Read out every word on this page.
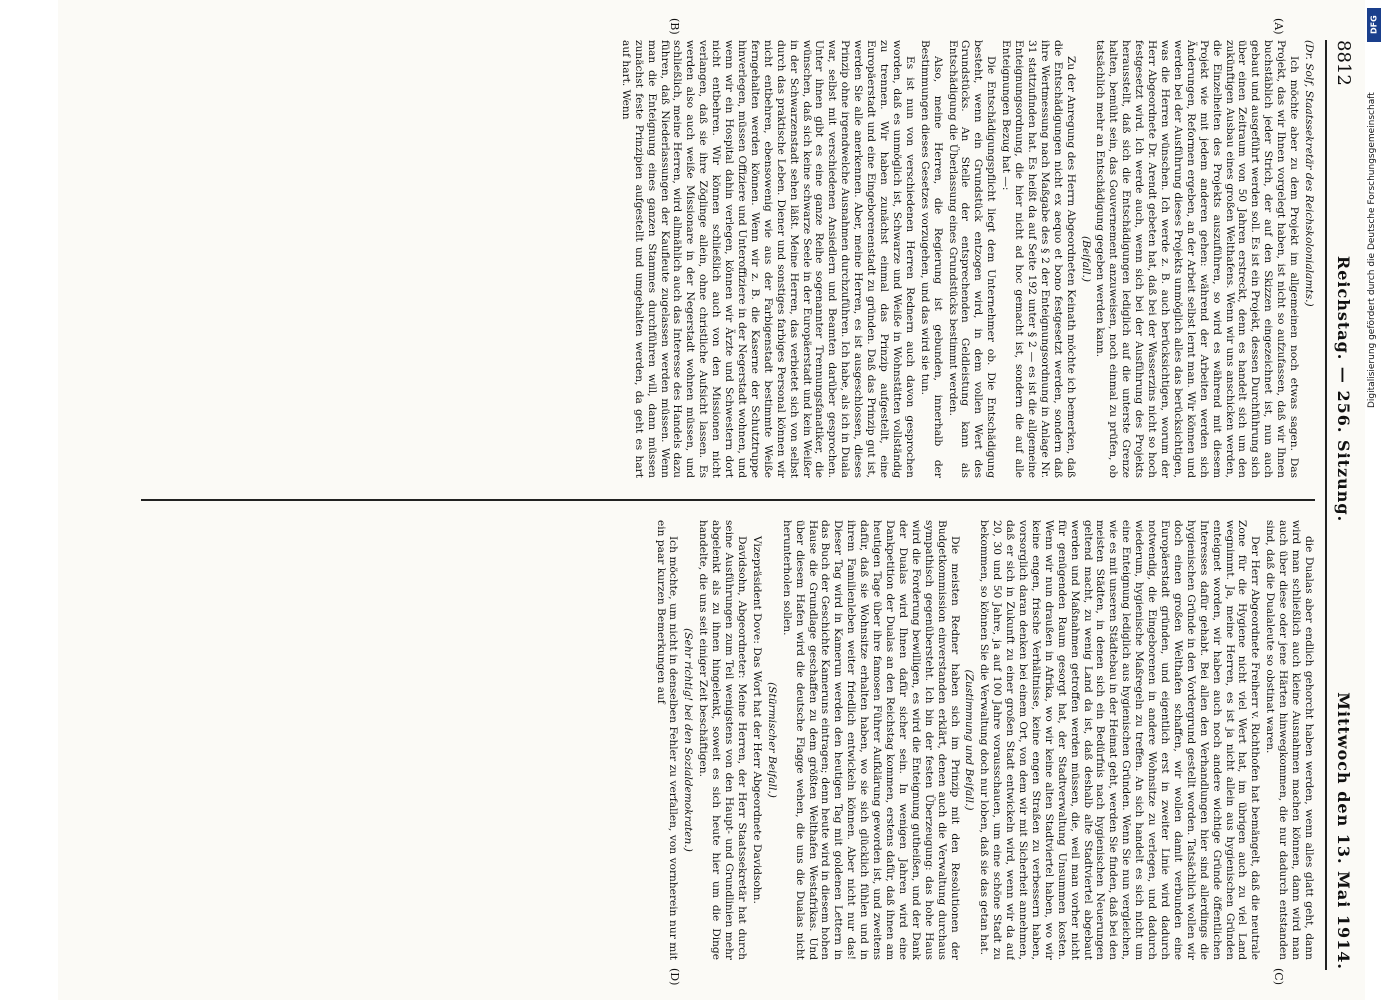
8812
Reichstag. — 256. Sitzung.
Mittwoch den 13. Mai 1914.
(A)
(B)
(C)
(D)

(Dr. Solf, Staatssekretär des Reichskolonialamts.)

Ich möchte aber zu dem Projekt im allgemeinen noch etwas sagen. Das Projekt, das wir Ihnen vorgelegt haben, ist nicht so aufzufassen, daß wir Ihnen buchstäblich jeder Strich, der auf den Skizzen eingezeichnet ist, nun auch gebaut und ausgeführt werden soll. Es ist ein Projekt, dessen Durchführung sich über einen Zeitraum von 50 Jahren erstreckt, denn es handelt sich um den zukünftigen Ausbau eines großen Welthafens. Wenn wir uns anschicken werden, die Einzelheiten des Projekts auszuführen, so wird es während mit diesem Projekt wie mit jedem anderen gehen: während der Arbeiten werden sich Änderungen, Reformen ergeben, an der Arbeit selbst lernt man. Wir können und werden bei der Ausführung dieses Projekts unmöglich alles das berücksichtigen, was die Herren wünschen. Ich werde z. B. auch berücksichtigen, worum der Herr Abgeordnete Dr. Arendt gebeten hat, daß bei der Wasserzins nicht so hoch festgesetzt wird. Ich werde auch, wenn sich bei der Ausführung des Projekts herausstellt, daß sich die Entschädigungen lediglich auf die unterste Grenze halten, bemüht sein, das Gouvernement anzuweisen, noch einmal zu prüfen, ob tatsächlich mehr an Entschädigung gegeben werden kann.

(Beifall.)

Zu der Anregung des Herrn Abgeordneten Keinath möchte ich bemerken, daß die Entschädigungen nicht ex aequo et bono festgesetzt werden, sondern daß ihre Wertmessung nach Maßgabe des § 2 der Enteignungsordnung in Anlage Nr. 31 stattzufinden hat. Es heißt da auf Seite 192 unter § 2 — es ist die allgemeine Enteignungsordnung, die hier nicht ad hoc gemacht ist, sondern die auf alle Enteignungen Bezug hat —:

Die Entschädigungspflicht liegt dem Unternehmer ob. Die Entschädigung besteht, wenn ein Grundstück entzogen wird, in dem vollen Wert des Grundstücks. An Stelle der entsprechenden Geldleistung kann als Entschädigung die Überlassung eines Grundstücks bestimmt werden.

Also, meine Herren, die Regierung ist gebunden, innerhalb der Bestimmungen dieses Gesetzes vorzugehen, und das wird sie tun.

Es ist nun von verschiedenen Herren Rednern auch davon gesprochen worden, daß es unmöglich ist, Schwarze und Weiße in Wohnstätten vollständig zu trennen. Wir haben zunächst einmal das Prinzip aufgestellt, eine Europäerstadt und eine Eingeborenenstadt zu gründen. Daß das Prinzip gut ist, werden Sie alle anerkennen. Aber, meine Herren, es ist ausgeschlossen, dieses Prinzip ohne irgendwelche Ausnahmen durchzuführen. Ich habe, als ich in Duala war, selbst mit verschiedenen Ansiedlern und Beamten darüber gesprochen. Unter ihnen gibt es eine ganze Reihe sogenannter Trennungsfanatiker, die wünschen, daß sich keine schwarze Seele in der Europäerstadt und kein Weißer in der Schwarzenstadt sehen läßt. Meine Herren, das verbietet sich von selbst durch das praktische Leben. Diener und sonstiges farbiges Personal können wir nicht entbehren, ebensowenig wie aus der Farbigenstadt bestimmte Weiße ferngehalten werden können. Wenn wir z. B. die Kaserne der Schutztruppe hinverlegen, müssen Offiziere und Unteroffiziere in der Negerstadt wohnen, und wenn wir ein Hospital dahin verlegen, können wir Ärzte und Schwestern dort nicht entbehren. Wir können schließlich auch von den Missionen nicht verlangen, daß sie ihre Zöglinge allein, ohne christliche Aufsicht lassen. Es werden also auch weiße Missionare in der Negerstadt wohnen müssen, und schließlich, meine Herren, wird allmählich auch das Interesse des Handels dazu führen, daß Niederlassungen der Kaufleute zugelassen werden müssen. Wenn man die Enteignung eines ganzen Stammes durchführen will, dann müssen zunächst feste Prinzipien aufgestellt und umgehalten werden, da geht es hart auf hart. Wenn

die Dualas aber endlich gehorcht haben werden, wenn alles glatt geht, dann wird man schließlich auch kleine Ausnahmen machen können, dann wird man auch über diese oder jene Härten hinwegkommen, die nur dadurch entstanden sind, daß die Dualaleute so obstinat waren.

Der Herr Abgeordnete Freiherr v. Richthofen hat bemängelt, daß die neutrale Zone für die Hygiene nicht viel Wert hat, im übrigen auch zu viel Land wegnimmt. Ja, meine Herren, es ist ja nicht allein aus hygienischen Gründen enteignet worden, wir haben auch noch andere wichtige Gründe öffentlichen Interesses dafür gehabt. Bei allen den Verhandlungen hier sind allerdings die hygienischen Gründe in den Vordergrund gestellt worden. Tatsächlich wollen wir doch einen großen Welthafen schaffen, wir wollen damit verbunden eine Europäerstadt gründen, und eigentlich erst in zweiter Linie wird dadurch notwendig, die Eingeborenen in andere Wohnsitze zu verlegen, und dadurch wiederum, hygienische Maßregeln zu treffen. An sich handelt es sich nicht um eine Enteignung lediglich aus hygienischen Gründen. Wenn Sie nun vergleichen, wie es mit unseren Städtebau in der Heimat geht, werden Sie finden, daß bei den meisten Städten, in denen sich ein Bedürfnis nach hygienischen Neuerungen geltend macht, zu wenig Land da ist, daß deshalb alte Stadtviertel abgebaut werden und Maßnahmen getroffen werden müssen, die, weil man vorher nicht für genügenden Raum gesorgt hat, der Stadtverwaltung Unsummen kosten. Wenn wir nun draußen in Afrika, wo wir keine alten Stadtviertel haben, wo wir keine engen, frische Verhältnisse, keine engen Straßen zu verbessern haben, vorsorglich daran denken bei einem Ort, von dem wir mit Sicherheit annehmen, daß er sich in Zukunft zu einer großen Stadt entwickeln wird, wenn wir da auf 20, 30 und 50 Jahre, ja auf 100 Jahre vorausschauen, um eine schöne Stadt zu bekommen, so können Sie die Verwaltung doch nur loben, daß sie das getan hat.

(Zustimmung und Beifall.)

Die meisten Redner haben sich im Prinzip mit den Resolutionen der Budgetkommission einverstanden erklärt, denen auch die Verwaltung durchaus sympathisch gegenübersteht. Ich bin der festen Überzeugung: das hohe Haus wird die Forderung bewilligen, es wird die Enteignung gutheißen, und der Dank der Dualas wird Ihnen dafür sicher sein. In wenigen Jahren wird eine Dankpetition der Dualas an den Reichstag kommen, erstens dafür, daß ihnen am heutigen Tage über ihre famosen Führer Aufklärung geworden ist, und zweitens dafür, daß sie Wohnsitze erhalten haben, wo sie sich glücklich fühlen und in ihrem Familienleben weiter friedlich entwickeln können. Aber nicht nur das! Dieser Tag wird in Kamerun werden den heutigen Tag mit goldenen Lettern in das Buch der Geschichte Kameruns eintragen; denn heute wird in diesem hohen Hause die Grundlage geschaffen zu dem größten Welthafen Westafrikas. Und über diesem Hafen wird die deutsche Flagge wehen, die uns die Dualas nicht herunterholen sollen.

(Stürmischer Beifall.)

Vizepräsident Dove: Das Wort hat der Herr Abgeordnete Davidsohn.

Davidsohn, Abgeordneter: Meine Herren, der Herr Staatssekretär hat durch seine Ausführungen zum Teil wenigstens von den Haupt- und Grundlinien mehr abgelenkt als zu ihnen hingelenkt, soweit es sich heute hier um die Dinge handelte, die uns seit einiger Zeit beschäftigen.

(Sehr richtig! bei den Sozialdemokraten.)

Ich möchte, um nicht in denselben Fehler zu verfallen, von vornherein nur mit ein paar kurzen Bemerkungen auf

DFG
Digitalisierung gefördert durch die Deutsche Forschungsgemeinschaft
